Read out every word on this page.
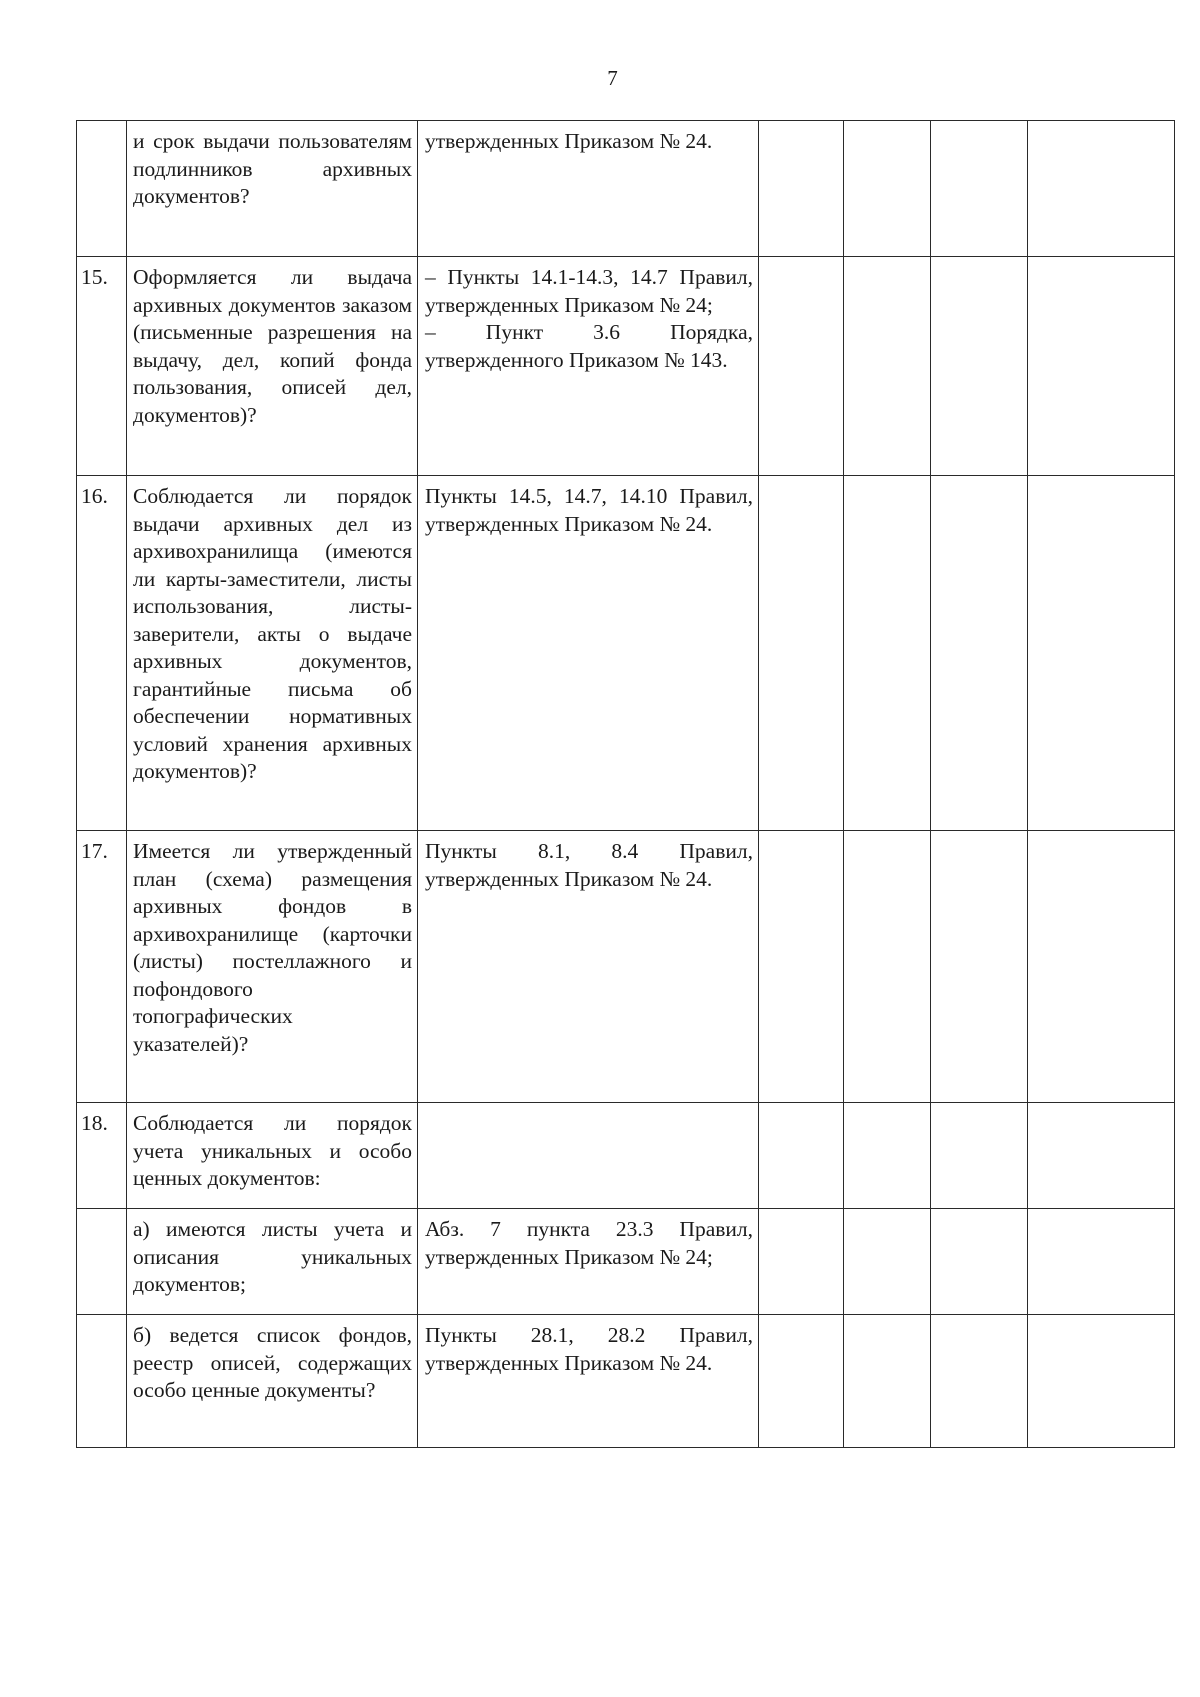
7
	и срок выдачи пользователям подлинников архивных документов?	утвержденных Приказом № 24.				

15.	Оформляется ли выдача архивных документов заказом (письменные разрешения на выдачу, дел, копий фонда пользования, описей дел, документов)?	– Пункты 14.1-14.3, 14.7 Правил, утвержденных Приказом № 24;
– Пункт 3.6 Порядка, утвержденного Приказом № 143.				

16.	Соблюдается ли порядок выдачи архивных дел из архивохранилища (имеются ли карты-заместители, листы использования, листы-заверители, акты о выдаче архивных документов, гарантийные письма об обеспечении нормативных условий хранения архивных документов)?	Пункты 14.5, 14.7, 14.10 Правил, утвержденных Приказом № 24.				

17.	Имеется ли утвержденный план (схема) размещения архивных фондов в архивохранилище (карточки (листы) постеллажного и пофондового топографических указателей)?	Пункты 8.1, 8.4 Правил, утвержденных Приказом № 24.				

18.	Соблюдается ли порядок учета уникальных и особо ценных документов:					
	а) имеются листы учета и описания уникальных документов;	Абз. 7 пункта 23.3 Правил, утвержденных Приказом № 24;				

	б) ведется список фондов, реестр описей, содержащих особо ценные документы?	Пункты 28.1, 28.2 Правил, утвержденных Приказом № 24.				
